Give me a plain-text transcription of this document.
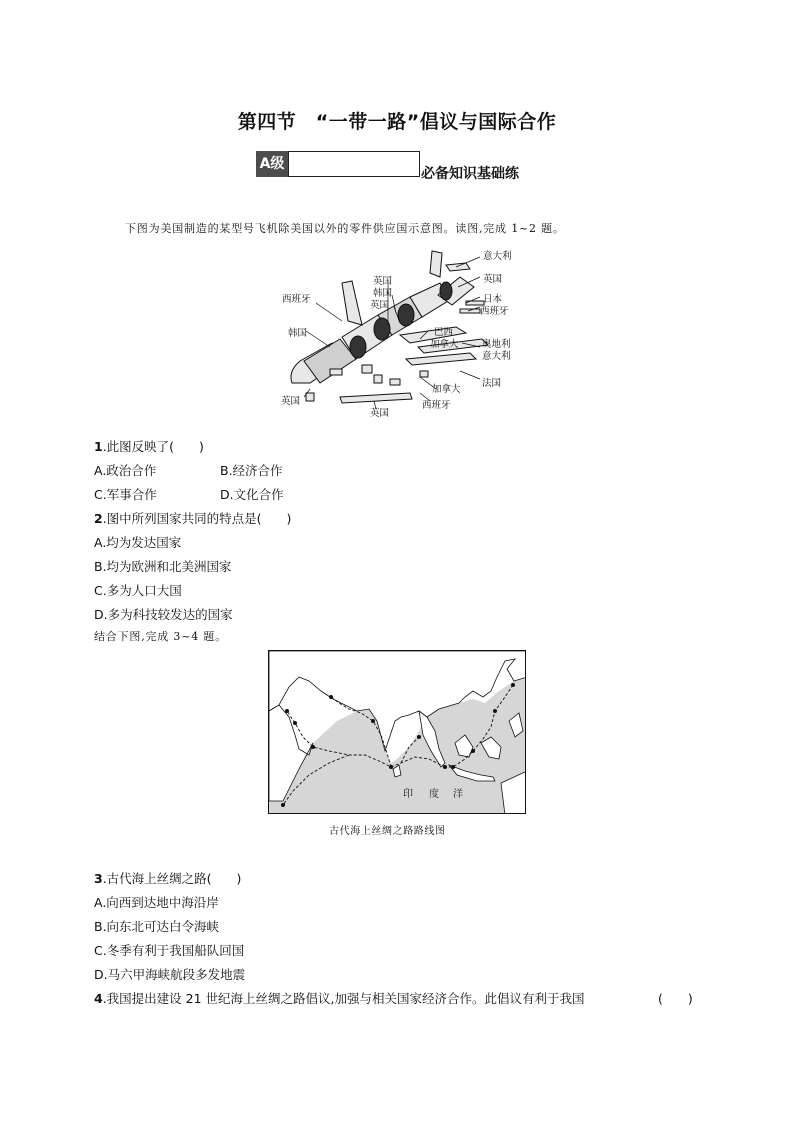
第四节　“一带一路”倡议与国际合作
A级
必备知识基础练
下图为美国制造的某型号飞机除美国以外的零件供应国示意图。读图,完成 1~2 题。
意大利
英国
日本
西班牙
英国
韩国
英国
西班牙
韩国	巴西
加拿大 奥地利
意大利
法国
加拿大
英国
英国
西班牙
1.此图反映了(　　)
A.政治合作	B.经济合作
C.军事合作	D.文化合作
2.图中所列国家共同的特点是(　　)
A.均为发达国家
B.均为欧洲和北美洲国家
C.多为人口大国
D.多为科技较发达的国家
结合下图,完成 3~4 题。
印 度 洋
古代海上丝绸之路路线图
3.古代海上丝绸之路(　　)
A.向西到达地中海沿岸
B.向东北可达白令海峡
C.冬季有利于我国船队回国
D.马六甲海峡航段多发地震
4.我国提出建设 21 世纪海上丝绸之路倡议,加强与相关国家经济合作。此倡议有利于我国	(　　)
